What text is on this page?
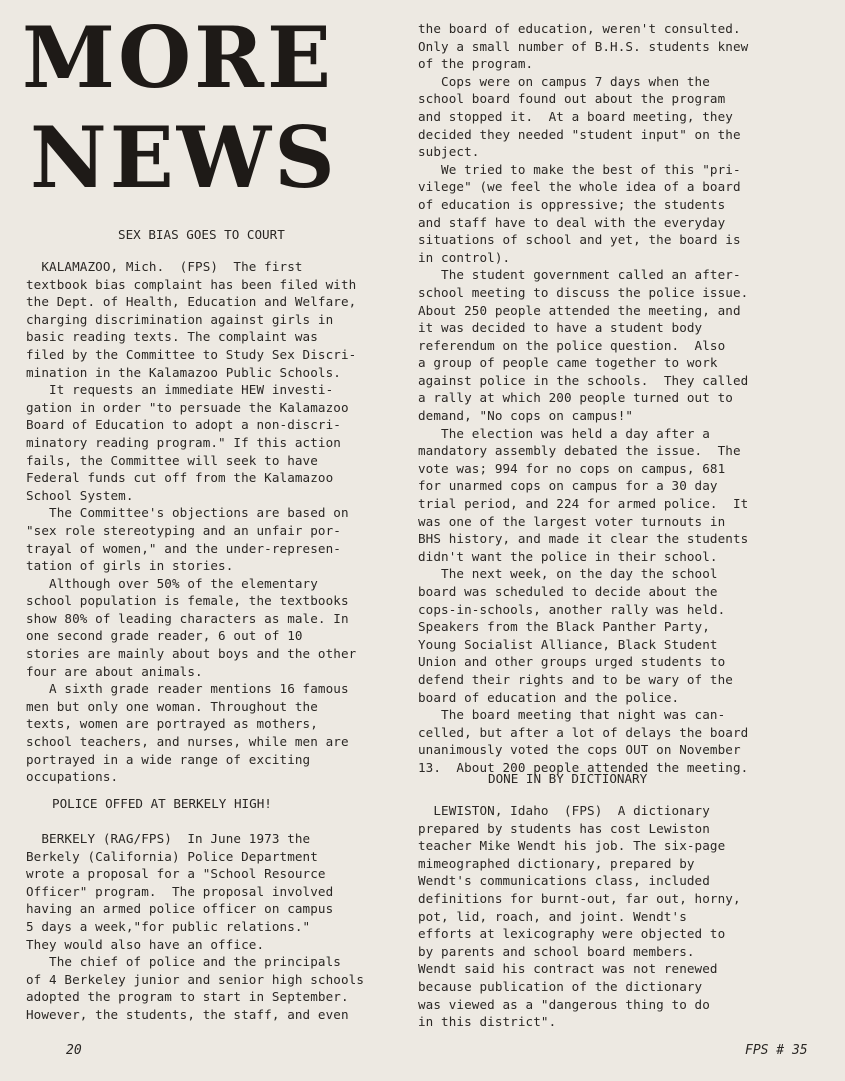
MORE
NEWS
SEX BIAS GOES TO COURT
KALAMAZOO, Mich.  (FPS)  The first
textbook bias complaint has been filed with
the Dept. of Health, Education and Welfare,
charging discrimination against girls in
basic reading texts. The complaint was
filed by the Committee to Study Sex Discri-
mination in the Kalamazoo Public Schools.
It requests an immediate HEW investi-
gation in order "to persuade the Kalamazoo
Board of Education to adopt a non-discri-
minatory reading program." If this action
fails, the Committee will seek to have
Federal funds cut off from the Kalamazoo
School System.
The Committee's objections are based on
"sex role stereotyping and an unfair por-
trayal of women," and the under-represen-
tation of girls in stories.
Although over 50% of the elementary
school population is female, the textbooks
show 80% of leading characters as male. In
one second grade reader, 6 out of 10
stories are mainly about boys and the other
four are about animals.
A sixth grade reader mentions 16 famous
men but only one woman. Throughout the
texts, women are portrayed as mothers,
school teachers, and nurses, while men are
portrayed in a wide range of exciting
occupations.
POLICE OFFED AT BERKELY HIGH!
BERKELY (RAG/FPS)  In June 1973 the
Berkely (California) Police Department
wrote a proposal for a "School Resource
Officer" program.  The proposal involved
having an armed police officer on campus
5 days a week,"for public relations."
They would also have an office.
The chief of police and the principals
of 4 Berkeley junior and senior high schools
adopted the program to start in September.
However, the students, the staff, and even
the board of education, weren't consulted.
Only a small number of B.H.S. students knew
of the program.
Cops were on campus 7 days when the
school board found out about the program
and stopped it.  At a board meeting, they
decided they needed "student input" on the
subject.
We tried to make the best of this "pri-
vilege" (we feel the whole idea of a board
of education is oppressive; the students
and staff have to deal with the everyday
situations of school and yet, the board is
in control).
The student government called an after-
school meeting to discuss the police issue.
About 250 people attended the meeting, and
it was decided to have a student body
referendum on the police question.  Also
a group of people came together to work
against police in the schools.  They called
a rally at which 200 people turned out to
demand, "No cops on campus!"
The election was held a day after a
mandatory assembly debated the issue.  The
vote was; 994 for no cops on campus, 681
for unarmed cops on campus for a 30 day
trial period, and 224 for armed police.  It
was one of the largest voter turnouts in
BHS history, and made it clear the students
didn't want the police in their school.
The next week, on the day the school
board was scheduled to decide about the
cops-in-schools, another rally was held.
Speakers from the Black Panther Party,
Young Socialist Alliance, Black Student
Union and other groups urged students to
defend their rights and to be wary of the
board of education and the police.
The board meeting that night was can-
celled, but after a lot of delays the board
unanimously voted the cops OUT on November
13.  About 200 people attended the meeting.
DONE IN BY DICTIONARY
LEWISTON, Idaho  (FPS)  A dictionary
prepared by students has cost Lewiston
teacher Mike Wendt his job. The six-page
mimeographed dictionary, prepared by
Wendt's communications class, included
definitions for burnt-out, far out, horny,
pot, lid, roach, and joint. Wendt's
efforts at lexicography were objected to
by parents and school board members.
Wendt said his contract was not renewed
because publication of the dictionary
was viewed as a "dangerous thing to do
in this district".
20	FPS # 35
